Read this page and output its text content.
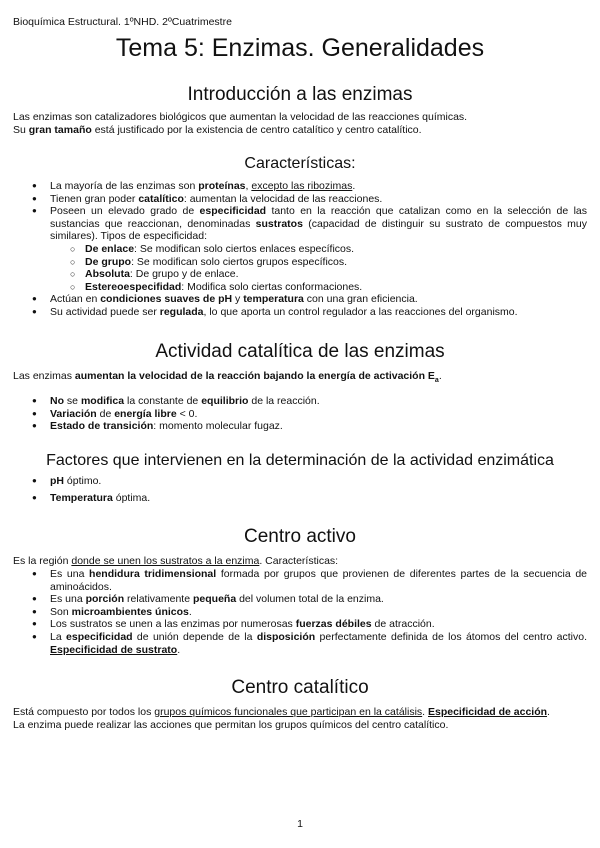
Bioquímica Estructural. 1ºNHD. 2ºCuatrimestre
Tema 5: Enzimas. Generalidades
Introducción a las enzimas
Las enzimas son catalizadores biológicos que aumentan la velocidad de las reacciones químicas.
Su gran tamaño está justificado por la existencia de centro catalítico y centro catalítico.
Características:
● La mayoría de las enzimas son proteínas, excepto las ribozimas.
● Tienen gran poder catalítico: aumentan la velocidad de las reacciones.
● Poseen un elevado grado de especificidad tanto en la reacción que catalizan como en la selección de las sustancias que reaccionan, denominadas sustratos (capacidad de distinguir su sustrato de compuestos muy similares). Tipos de especificidad:
○ De enlace: Se modifican solo ciertos enlaces específicos.
○ De grupo: Se modifican solo ciertos grupos específicos.
○ Absoluta: De grupo y de enlace.
○ Estereoespecifidad: Modifica solo ciertas conformaciones.
● Actúan en condiciones suaves de pH y temperatura con una gran eficiencia.
● Su actividad puede ser regulada, lo que aporta un control regulador a las reacciones del organismo.
Actividad catalítica de las enzimas
Las enzimas aumentan la velocidad de la reacción bajando la energía de activación $E_a$.
● No se modifica la constante de equilibrio de la reacción.
● Variación de energía libre < 0.
● Estado de transición: momento molecular fugaz.
Factores que intervienen en la determinación de la actividad enzimática
● pH óptimo.
● Temperatura óptima.
Centro activo
Es la región donde se unen los sustratos a la enzima. Características:
● Es una hendidura tridimensional formada por grupos que provienen de diferentes partes de la secuencia de aminoácidos.
● Es una porción relativamente pequeña del volumen total de la enzima.
● Son microambientes únicos.
● Los sustratos se unen a las enzimas por numerosas fuerzas débiles de atracción.
● La especificidad de unión depende de la disposición perfectamente definida de los átomos del centro activo. Especificidad de sustrato.
Centro catalítico
Está compuesto por todos los grupos químicos funcionales que participan en la catálisis. Especificidad de acción.
La enzima puede realizar las acciones que permitan los grupos químicos del centro catalítico.
1
